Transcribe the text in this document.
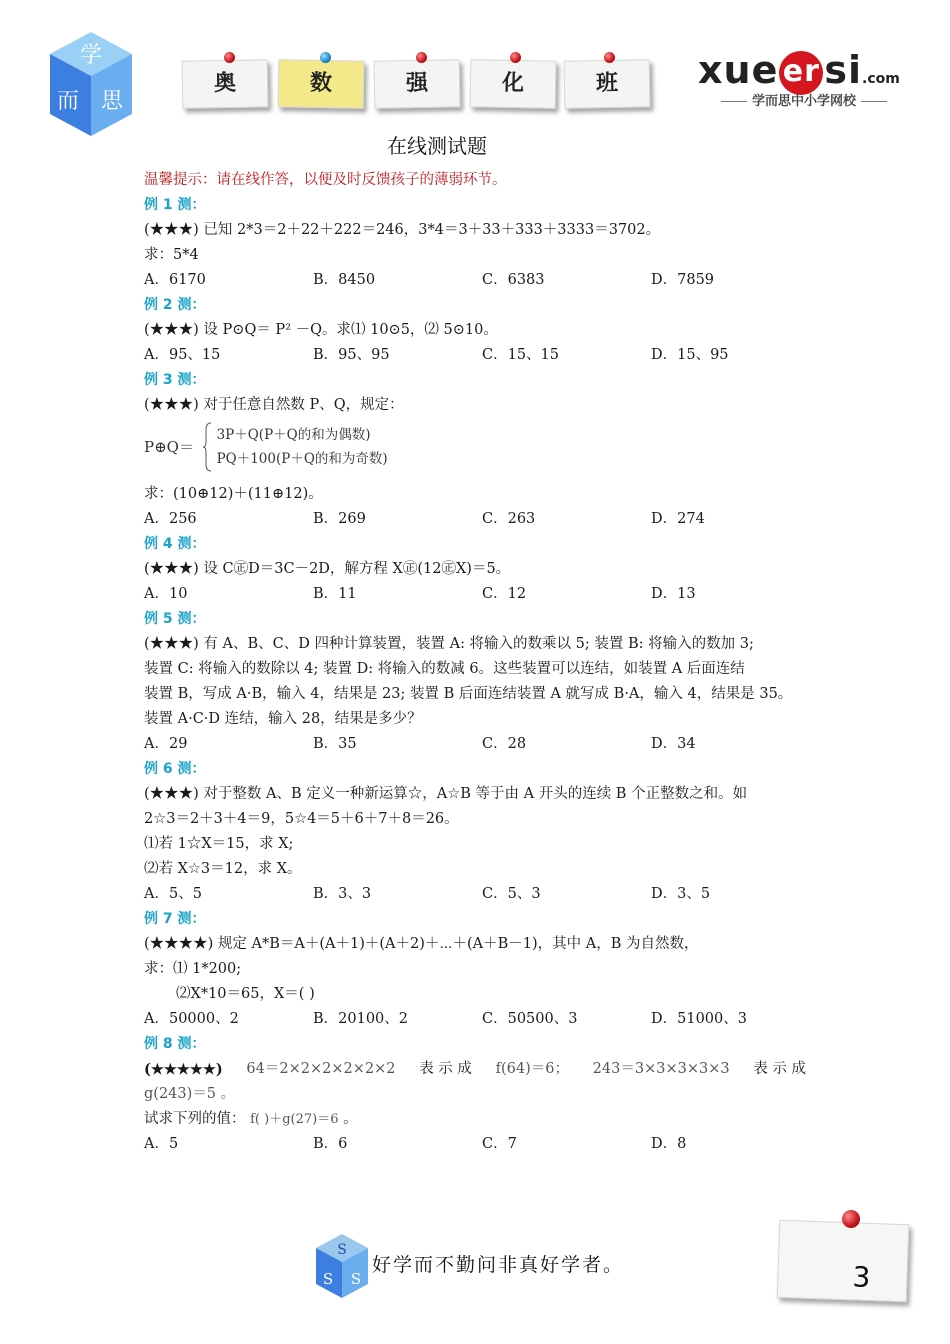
学
而 思
奥	数	强	化	班	xue er si.com
学而思中小学网校
在线测试题
温馨提示：请在线作答，以便及时反馈孩子的薄弱环节。
例 1 测：
(★★★) 已知 2*3＝2＋22＋222＝246，3*4＝3＋33＋333＋3333＝3702。
求：5*4
A．6170	B．8450	C．6383	D．7859
例 2 测：
(★★★) 设 P⊙Q＝ P² －Q。求⑴ 10⊙5，⑵ 5⊙10。
A．95、15	B．95、95	C．15、15	D．15、95
例 3 测：
(★★★) 对于任意自然数 P、Q，规定：
P⊕Q＝
3P＋Q(P＋Q的和为偶数)
PQ＋100(P＋Q的和为奇数)
求：(10⊕12)＋(11⊕12)。
A．256	B．269	C．263	D．274
例 4 测：
(★★★) 设 C㊣D＝3C－2D，解方程 X㊣(12㊣X)＝5。
A．10	B．11	C．12	D．13
例 5 测：
(★★★) 有 A、B、C、D 四种计算装置，装置 A: 将输入的数乘以 5; 装置 B: 将输入的数加 3;
装置 C: 将输入的数除以 4; 装置 D: 将输入的数减 6。这些装置可以连结，如装置 A 后面连结
装置 B，写成 A·B，输入 4，结果是 23; 装置 B 后面连结装置 A 就写成 B·A，输入 4，结果是 35。
装置 A·C·D 连结，输入 28，结果是多少？
A．29	B．35	C．28	D．34
例 6 测：
(★★★) 对于整数 A、B 定义一种新运算☆，A☆B 等于由 A 开头的连续 B 个正整数之和。如
2☆3＝2＋3＋4＝9，5☆4＝5＋6＋7＋8＝26。
⑴若 1☆X＝15，求 X;
⑵若 X☆3＝12，求 X。
A．5、5	B．3、3	C．5、3	D．3、5
例 7 测：
(★★★★) 规定 A*B＝A＋(A＋1)＋(A＋2)＋⋯＋(A＋B－1)，其中 A，B 为自然数，
求：⑴ 1*200;
⑵X*10＝65，X＝( )
A．50000、2	B．20100、2	C．50500、3	D．51000、3
例 8 测：
(★★★★★) 64＝2×2×2×2×2×2 表 示 成 f(64)＝6； 243＝3×3×3×3×3 表 示 成
g(243)＝5 。
试求下列的值： f( )＋g(27)＝6 。
A．5	B．6	C．7	D．8
S
S S
好学而不勤问非真好学者。	3
